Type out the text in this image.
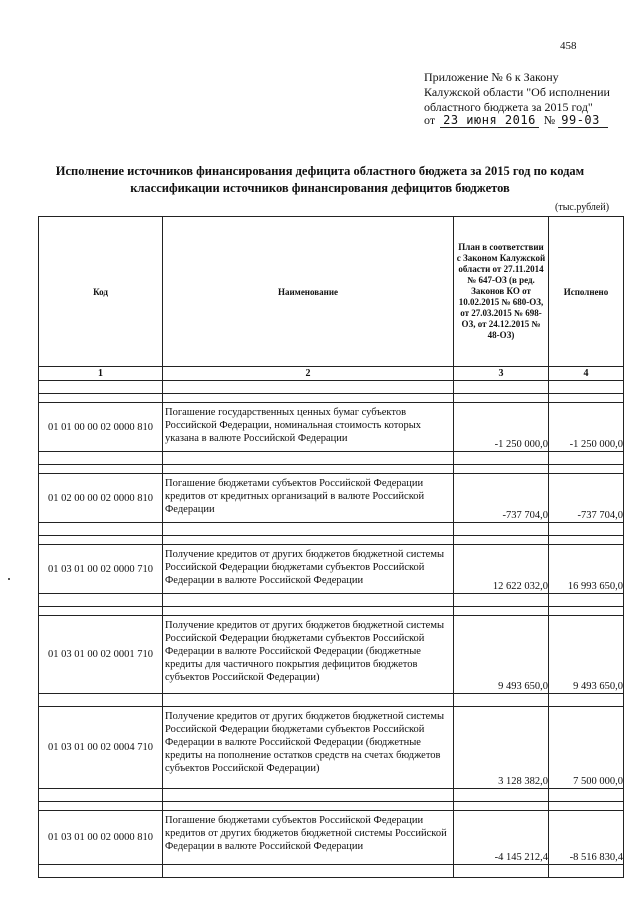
458
Приложение № 6 к Закону
Калужской области "Об исполнении
областного бюджета за 2015 год"
от 23 июня 2016 № 99-03
Исполнение источников финансирования дефицита областного бюджета за 2015 год по кодам классификации источников финансирования дефицитов бюджетов
(тыс.рублей)
Код	Наименование	План в соответствии с Законом Калужской области от 27.11.2014 № 647-ОЗ (в ред. Законов КО от 10.02.2015 № 680-ОЗ, от 27.03.2015 № 698-ОЗ, от 24.12.2015 № 48-ОЗ)	Исполнено
1	2	3	4

01 01 00 00 02 0000 810	Погашение государственных ценных бумаг субъектов Российской Федерации, номинальная стоимость которых указана в валюте Российской Федерации	-1 250 000,0	-1 250 000,0

01 02 00 00 02 0000 810	Погашение бюджетами субъектов Российской Федерации кредитов от кредитных организаций в валюте Российской Федерации	-737 704,0	-737 704,0

01 03 01 00 02 0000 710	Получение кредитов от других бюджетов бюджетной системы Российской Федерации бюджетами субъектов Российской Федерации в валюте Российской Федерации	12 622 032,0	16 993 650,0

01 03 01 00 02 0001 710	Получение кредитов от других бюджетов бюджетной системы Российской Федерации бюджетами субъектов Российской Федерации в валюте Российской Федерации (бюджетные кредиты для частичного покрытия дефицитов бюджетов субъектов Российской Федерации)	9 493 650,0	9 493 650,0

01 03 01 00 02 0004 710	Получение кредитов от других бюджетов бюджетной системы Российской Федерации бюджетами субъектов Российской Федерации в валюте Российской Федерации (бюджетные кредиты на пополнение остатков средств на счетах бюджетов субъектов Российской Федерации)	3 128 382,0	7 500 000,0

01 03 01 00 02 0000 810	Погашение бюджетами субъектов Российской Федерации кредитов от других бюджетов бюджетной системы Российской Федерации в валюте Российской Федерации	-4 145 212,4	-8 516 830,4
